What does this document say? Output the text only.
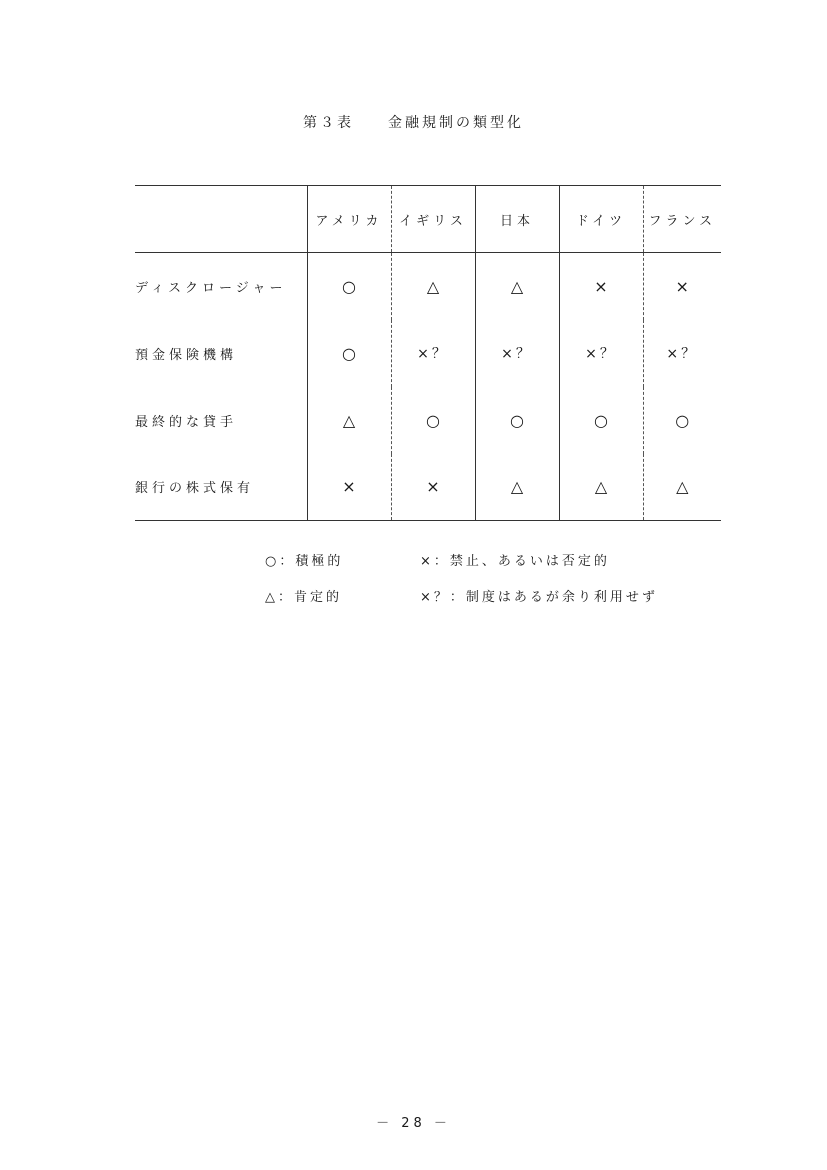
第３表　　金融規制の類型化
	アメリカ	イギリス	日本	ドイツ	フランス
ディスクロージャー	○	△	△	×	×
預金保険機構	○	×？	×？	×？	×？
最終的な貸手	△	○	○	○	○
銀行の株式保有	×	×	△	△	△
○：積極的	×：禁止、あるいは否定的
△：肯定的	×？：制度はあるが余り利用せず
－ 28 －
